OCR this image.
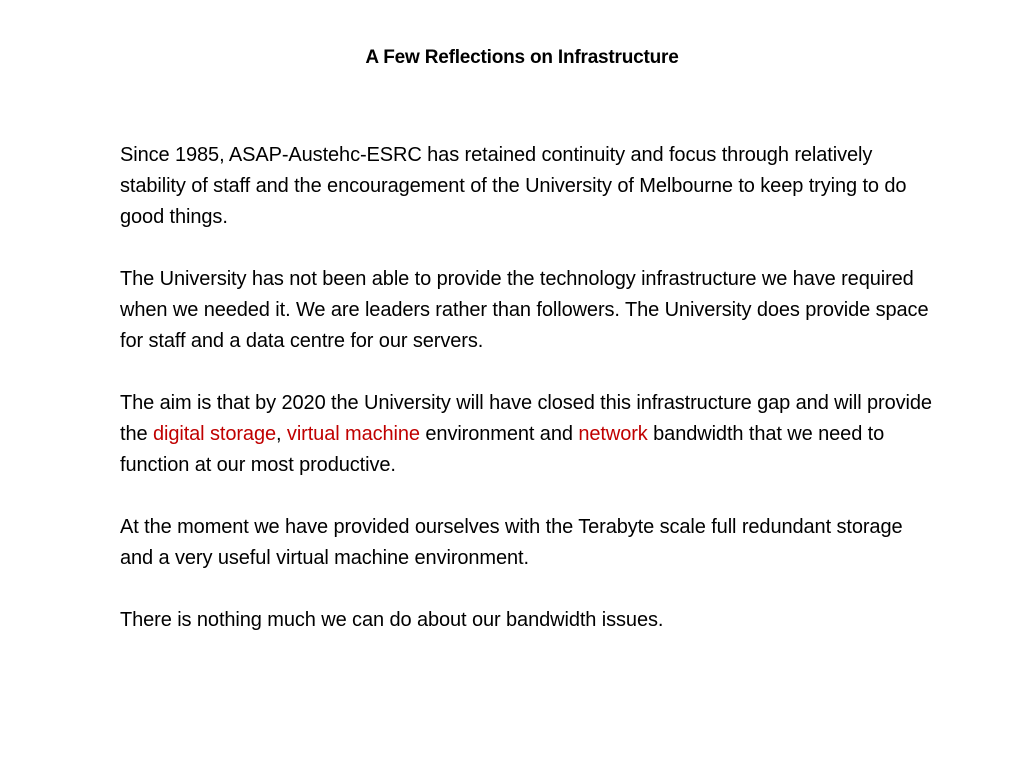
A Few Reflections on Infrastructure

Since 1985, ASAP-Austehc-ESRC has retained continuity and focus through relatively stability of staff and the encouragement of the University of Melbourne to keep trying to do good things.

The University has not been able to provide the technology infrastructure we have required when we needed it. We are leaders rather than followers. The University does provide space for staff and a data centre for our servers.

The aim is that by 2020 the University will have closed this infrastructure gap and will provide the digital storage, virtual machine environment and network bandwidth that we need to function at our most productive.

At the moment we have provided ourselves with the Terabyte scale full redundant storage and a very useful virtual machine environment.

There is nothing much we can do about our bandwidth issues.
